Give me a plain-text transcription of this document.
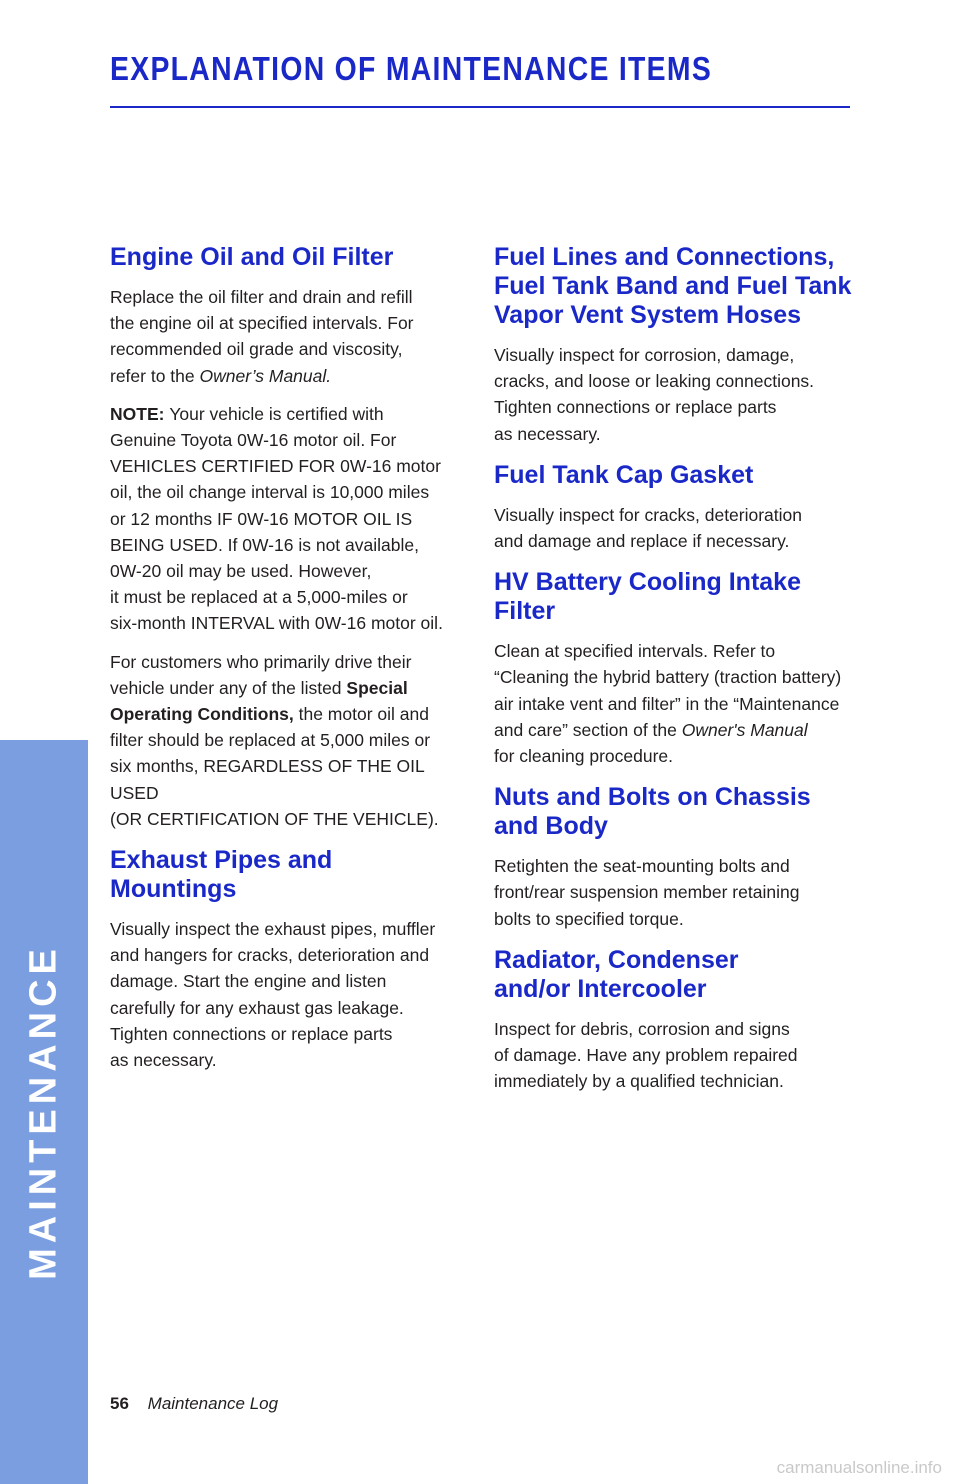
EXPLANATION OF MAINTENANCE ITEMS
Engine Oil and Oil Filter

Replace the oil filter and drain and refill
the engine oil at specified intervals. For
recommended oil grade and viscosity,
refer to the Owner’s Manual.

NOTE: Your vehicle is certified with
Genuine Toyota 0W-16 motor oil. For
VEHICLES CERTIFIED FOR 0W-16 motor
oil, the oil change interval is 10,000 miles
or 12 months IF 0W-16 MOTOR OIL IS
BEING USED. If 0W-16 is not available,
0W-20 oil may be used. However,
it must be replaced at a 5,000-miles or
six-month INTERVAL with 0W-16 motor oil.

For customers who primarily drive their
vehicle under any of the listed Special
Operating Conditions, the motor oil and
filter should be replaced at 5,000 miles or
six months, REGARDLESS OF THE OIL USED
(OR CERTIFICATION OF THE VEHICLE).

Exhaust Pipes and Mountings

Visually inspect the exhaust pipes, muffler
and hangers for cracks, deterioration and
damage. Start the engine and listen
carefully for any exhaust gas leakage.
Tighten connections or replace parts
as necessary.

Fuel Lines and Connections,
Fuel Tank Band and Fuel Tank
Vapor Vent System Hoses

Visually inspect for corrosion, damage,
cracks, and loose or leaking connections.
Tighten connections or replace parts
as necessary.

Fuel Tank Cap Gasket

Visually inspect for cracks, deterioration
and damage and replace if necessary.

HV Battery Cooling Intake Filter

Clean at specified intervals. Refer to
“Cleaning the hybrid battery (traction battery)
air intake vent and filter” in the “Maintenance
and care” section of the Owner's Manual
for cleaning procedure.

Nuts and Bolts on Chassis
and Body

Retighten the seat-mounting bolts and
front/rear suspension member retaining
bolts to specified torque.

Radiator, Condenser
and/or Intercooler

Inspect for debris, corrosion and signs
of damage. Have any problem repaired
immediately by a qualified technician.

MAINTENANCE
56 Maintenance Log
carmanualsonline.info
